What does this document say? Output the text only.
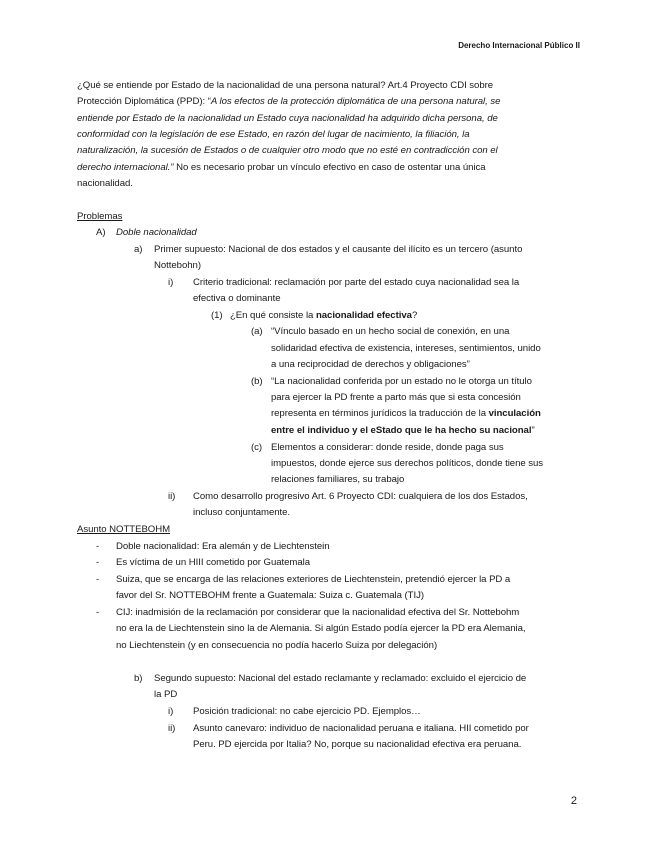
Derecho Internacional Público II
¿Qué se entiende por Estado de la nacionalidad de una persona natural? Art.4 Proyecto CDI sobre
Protección Diplomática (PPD): “A los efectos de la protección diplomática de una persona natural, se
entiende por Estado de la nacionalidad un Estado cuya nacionalidad ha adquirido dicha persona, de
conformidad con la legislación de ese Estado, en razón del lugar de nacimiento, la filiación, la
naturalización, la sucesión de Estados o de cualquier otro modo que no esté en contradicción con el
derecho internacional.” No es necesario probar un vínculo efectivo en caso de ostentar una única
nacionalidad.
Problemas
A) Doble nacionalidad
a) Primer supuesto: Nacional de dos estados y el causante del ilícito es un tercero (asunto
Nottebohn)
i) Criterio tradicional: reclamación por parte del estado cuya nacionalidad sea la
efectiva o dominante
(1) ¿En qué consiste la nacionalidad efectiva?
(a) “Vínculo basado en un hecho social de conexión, en una
solidaridad efectiva de existencia, intereses, sentimientos, unido
a una reciprocidad de derechos y obligaciones”
(b) “La nacionalidad conferida por un estado no le otorga un título
para ejercer la PD frente a parto más que si esta concesión
representa en términos jurídicos la traducción de la vinculación
entre el individuo y el eStado que le ha hecho su nacional”
(c) Elementos a considerar: donde reside, donde paga sus
impuestos, donde ejerce sus derechos políticos, donde tiene sus
relaciones familiares, su trabajo
ii) Como desarrollo progresivo Art. 6 Proyecto CDI: cualquiera de los dos Estados,
incluso conjuntamente.
Asunto NOTTEBOHM
- Doble nacionalidad: Era alemán y de Liechtenstein
- Es víctima de un HIII cometido por Guatemala
- Suiza, que se encarga de las relaciones exteriores de Liechtenstein, pretendió ejercer la PD a
favor del Sr. NOTTEBOHM frente a Guatemala: Suiza c. Guatemala (TIJ)
- CIJ: inadmisión de la reclamación por considerar que la nacionalidad efectiva del Sr. Nottebohm
no era la de Liechtenstein sino la de Alemania. Si algún Estado podía ejercer la PD era Alemania,
no Liechtenstein (y en consecuencia no podía hacerlo Suiza por delegación)
b) Segundo supuesto: Nacional del estado reclamante y reclamado: excluido el ejercicio de
la PD
i) Posición tradicional: no cabe ejercicio PD. Ejemplos…
ii) Asunto canevaro: individuo de nacionalidad peruana e italiana. HII cometido por
Peru. PD ejercida por Italia? No, porque su nacionalidad efectiva era peruana.
2
